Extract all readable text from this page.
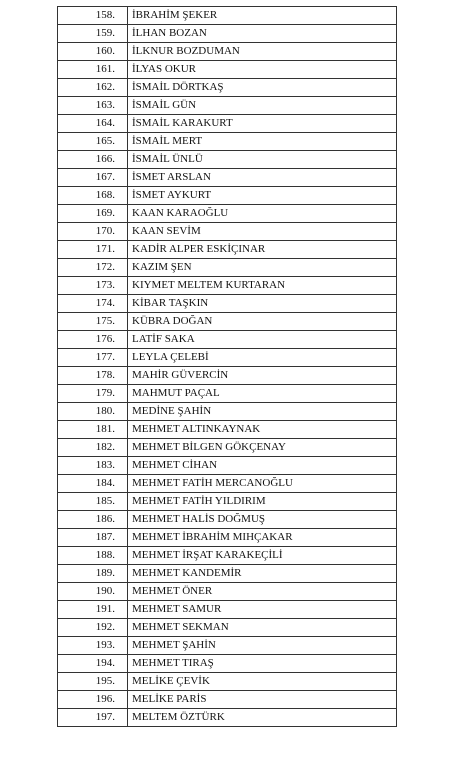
158.	İBRAHİM ŞEKER
159.	İLHAN BOZAN
160.	İLKNUR BOZDUMAN
161.	İLYAS OKUR
162.	İSMAİL DÖRTKAŞ
163.	İSMAİL GÜN
164.	İSMAİL KARAKURT
165.	İSMAİL MERT
166.	İSMAİL ÜNLÜ
167.	İSMET ARSLAN
168.	İSMET AYKURT
169.	KAAN KARAOĞLU
170.	KAAN SEVİM
171.	KADİR ALPER ESKİÇINAR
172.	KAZIM ŞEN
173.	KIYMET MELTEM KURTARAN
174.	KİBAR TAŞKIN
175.	KÜBRA DOĞAN
176.	LATİF SAKA
177.	LEYLA ÇELEBİ
178.	MAHİR GÜVERCİN
179.	MAHMUT PAÇAL
180.	MEDİNE ŞAHİN
181.	MEHMET ALTINKAYNAK
182.	MEHMET BİLGEN GÖKÇENAY
183.	MEHMET CİHAN
184.	MEHMET FATİH MERCANOĞLU
185.	MEHMET FATİH YILDIRIM
186.	MEHMET HALİS DOĞMUŞ
187.	MEHMET İBRAHİM MIHÇAKAR
188.	MEHMET İRŞAT KARAKEÇİLİ
189.	MEHMET KANDEMİR
190.	MEHMET ÖNER
191.	MEHMET SAMUR
192.	MEHMET SEKMAN
193.	MEHMET ŞAHİN
194.	MEHMET TIRAŞ
195.	MELİKE ÇEVİK
196.	MELİKE PARİS
197.	MELTEM ÖZTÜRK
